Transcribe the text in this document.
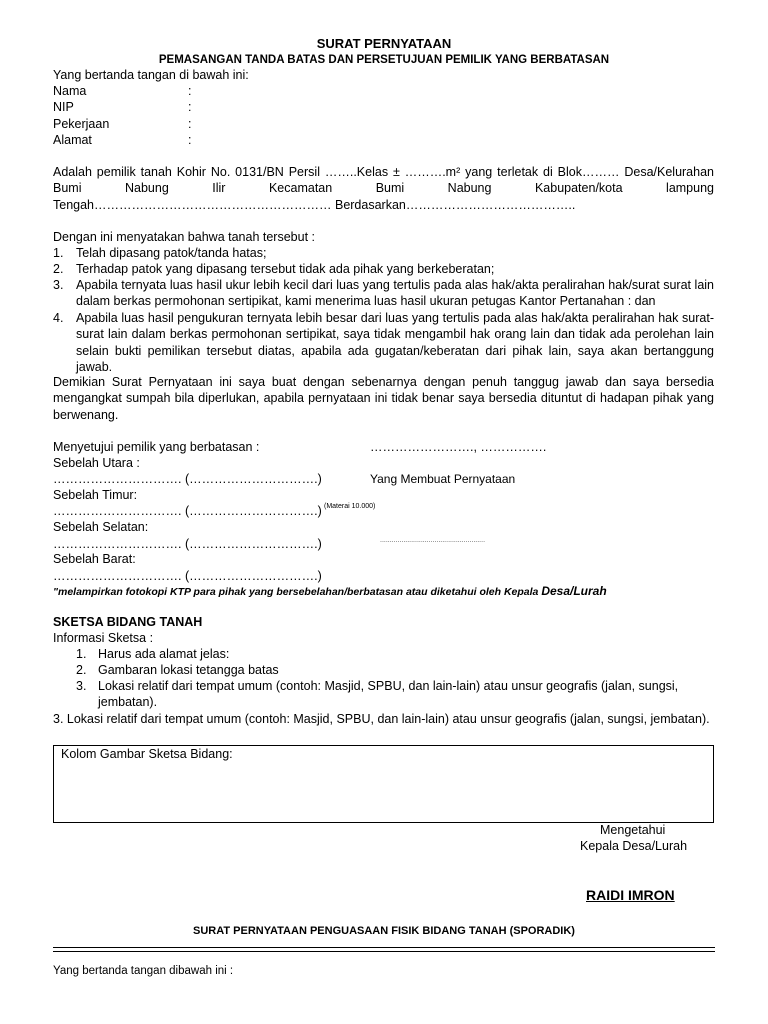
SURAT PERNYATAAN
PEMASANGAN TANDA BATAS DAN PERSETUJUAN PEMILIK YANG BERBATASAN
Yang bertanda tangan di bawah ini:
Nama	:
NIP	:
Pekerjaan	:
Alamat	:
Adalah pemilik tanah Kohir No. 0131/BN Persil ……..Kelas ± ……….m² yang terletak di Blok……… Desa/Kelurahan Bumi Nabung Ilir Kecamatan Bumi Nabung Kabupaten/kota lampung Tengah………………………………………………… Berdasarkan…………………………………..
Dengan ini menyatakan bahwa tanah tersebut :
1. Telah dipasang patok/tanda hatas;
2. Terhadap patok yang dipasang tersebut tidak ada pihak yang berkeberatan;
3. Apabila ternyata luas hasil ukur lebih kecil dari luas yang tertulis pada alas hak/akta peralirahan hak/surat surat lain dalam berkas permohonan sertipikat, kami menerima luas hasil ukuran petugas Kantor Pertanahan : dan
4. Apabila luas hasil pengukuran ternyata lebih besar dari luas yang tertulis pada alas hak/akta peralirahan hak surat-surat lain dalam berkas permohonan sertipikat, saya tidak mengambil hak orang lain dan tidak ada perolehan lain selain bukti pemilikan tersebut diatas, apabila ada gugatan/keberatan dari pihak lain, saya akan bertanggung jawab.
Demikian Surat Pernyataan ini saya buat dengan sebenarnya dengan penuh tanggug jawab dan saya bersedia mengangkat sumpah bila diperlukan, apabila pernyataan ini tidak benar saya bersedia dituntut di hadapan pihak yang berwenang.
Menyetujui pemilik yang berbatasan :	……………………., …………….
Sebelah Utara :
…………………………. (………………………….)
Sebelah Timur:
…………………………. (………………………….)
Sebelah Selatan:
…………………………. (………………………….)
Sebelah Barat:
…………………………. (………………………….)
Yang Membuat Pernyataan
(Materai 10.000)
......................................................
"melampirkan fotokopi KTP para pihak yang bersebelahan/berbatasan atau diketahui oleh Kepala Desa/Lurah
SKETSA BIDANG TANAH
Informasi Sketsa :
1. Harus ada alamat jelas:
2. Gambaran lokasi tetangga batas
3. Lokasi relatif dari tempat umum (contoh: Masjid, SPBU, dan lain-lain) atau unsur geografis (jalan, sungsi, jembatan).
3. Lokasi relatif dari tempat umum (contoh: Masjid, SPBU, dan lain-lain) atau unsur geografis (jalan, sungsi, jembatan).
Kolom Gambar Sketsa Bidang:
Mengetahui
Kepala Desa/Lurah
RAIDI IMRON
SURAT PERNYATAAN PENGUASAAN FISIK BIDANG TANAH (SPORADIK)
Yang bertanda tangan dibawah ini :
